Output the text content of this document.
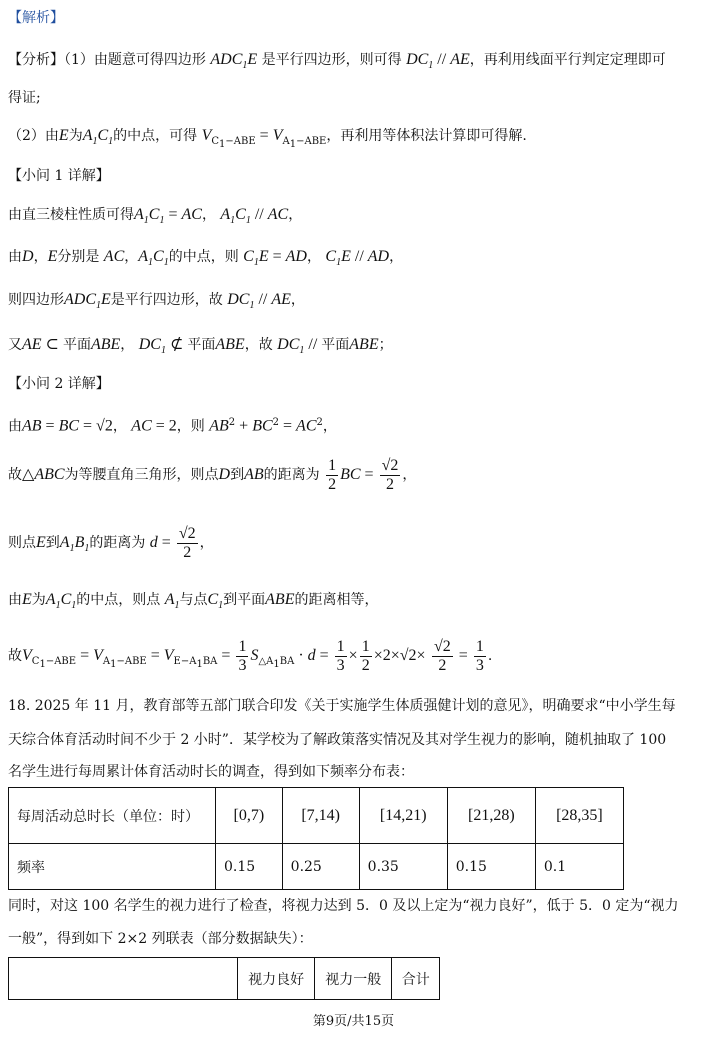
【解析】
【分析】（1）由题意可得四边形 $ADC_1E$ 是平行四边形，则可得 $DC_1$ // AE，再利用线面平行判定定理即可
得证;
（2）由E为$A_1C_1$的中点，可得 $V_{C_1-ABE} = V_{A_1-ABE}$，再利用等体积法计算即可得解.
【小问 1 详解】
由直三棱柱性质可得$A_1C_1$ = AC， $A_1C_1$ // AC，
由D，E分别是 AC，$A_1C_1$的中点，则 $C_1E$ = AD， $C_1E$ // AD，
则四边形$ADC_1E$是平行四边形，故 $DC_1$ // AE，
又AE ⊂ 平面ABE， $DC_1$ ⊄ 平面ABE，故 $DC_1$ // 平面ABE；
【小问 2 详解】
由AB = BC = √2， AC = 2，则 $AB^2 + BC^2 = AC^2$，
故△ABC为等腰直角三角形，则点D到AB的距离为 $\frac{1}{2}$ BC = $\frac{√2}{2}$ ，
则点E到$A_1B_1$的距离为 $d = \frac{√2}{2}$ ，
由E为$A_1C_1$的中点，则点 $A_1$与点$C_1$到平面ABE的距离相等，
故$V_{C_1-ABE} = V_{A_1-ABE} = V_{E-A_1BA} = \frac{1}{3} S_{\triangle A_1BA} \cdot d = \frac{1}{3} \times \frac{1}{2} \times 2\times√2\times \frac{√2}{2} = \frac{1}{3}$ .
18. 2025 年 11 月，教育部等五部门联合印发《关于实施学生体质强健计划的意见》，明确要求“中小学生每
天综合体育活动时间不少于 2 小时”．某学校为了解政策落实情况及其对学生视力的影响，随机抽取了 100
名学生进行每周累计体育活动时长的调查，得到如下频率分布表：
每周活动总时长（单位：时）	[0,7)	[7,14)	[14,21)	[21,28)	[28,35]
频率	0.15	0.25	0.35	0.15	0.1
同时，对这 100 名学生的视力进行了检查，将视力达到 5．0 及以上定为“视力良好”，低于 5．0 定为“视力
一般”，得到如下 2×2 列联表（部分数据缺失）：
	视力良好	视力一般	合计
第9页/共15页
